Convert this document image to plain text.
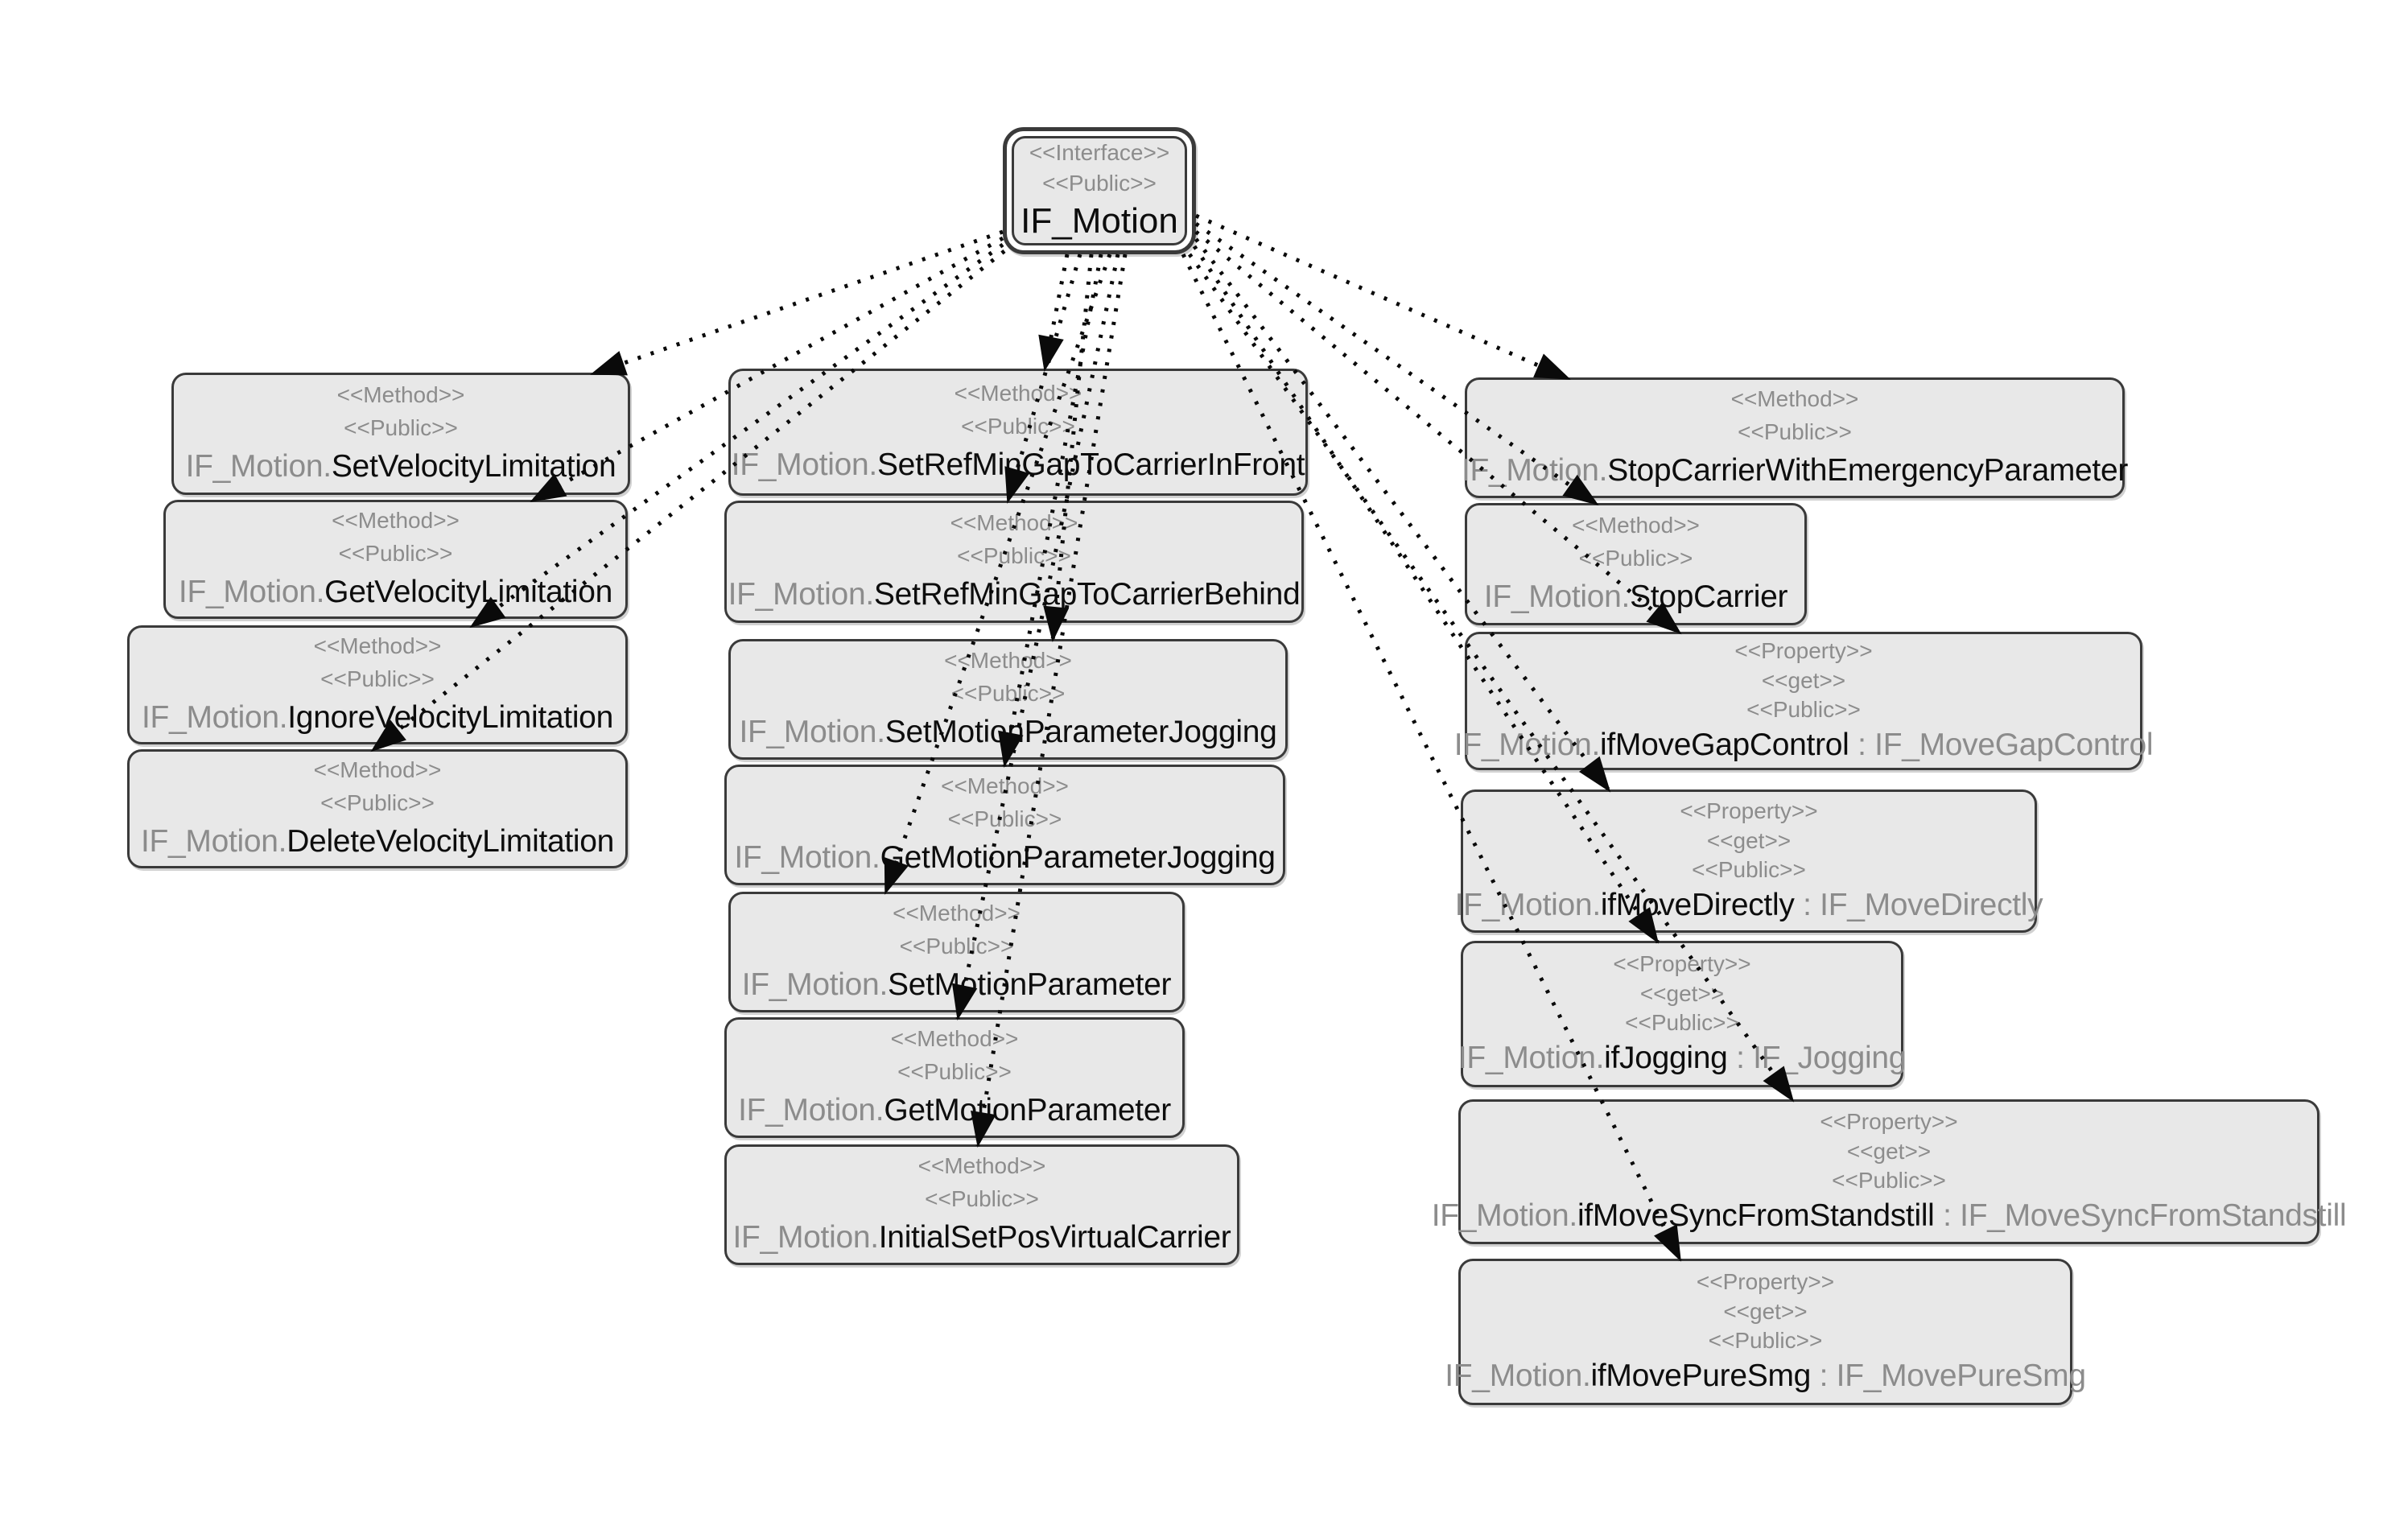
<<Interface>>
<<Public>>
IF_Motion
<<Method>>
<<Public>>
IF_Motion.SetVelocityLimitation
<<Method>>
<<Public>>
IF_Motion.GetVelocityLimitation
<<Method>>
<<Public>>
IF_Motion.IgnoreVelocityLimitation
<<Method>>
<<Public>>
IF_Motion.DeleteVelocityLimitation
<<Method>>
<<Public>>
IF_Motion.SetRefMinGapToCarrierInFront
<<Method>>
<<Public>>
IF_Motion.SetRefMinGapToCarrierBehind
<<Method>>
<<Public>>
IF_Motion.SetMotionParameterJogging
<<Method>>
<<Public>>
IF_Motion.GetMotionParameterJogging
<<Method>>
<<Public>>
IF_Motion.SetMotionParameter
<<Method>>
<<Public>>
IF_Motion.GetMotionParameter
<<Method>>
<<Public>>
IF_Motion.InitialSetPosVirtualCarrier
<<Method>>
<<Public>>
IF_Motion.StopCarrierWithEmergencyParameter
<<Method>>
<<Public>>
IF_Motion.StopCarrier
<<Property>>
<<get>>
<<Public>>
IF_Motion.ifMoveGapControl : IF_MoveGapControl
<<Property>>
<<get>>
<<Public>>
IF_Motion.ifMoveDirectly : IF_MoveDirectly
<<Property>>
<<get>>
<<Public>>
IF_Motion.ifJogging : IF_Jogging
<<Property>>
<<get>>
<<Public>>
IF_Motion.ifMoveSyncFromStandstill : IF_MoveSyncFromStandstill
<<Property>>
<<get>>
<<Public>>
IF_Motion.ifMovePureSmg : IF_MovePureSmg
